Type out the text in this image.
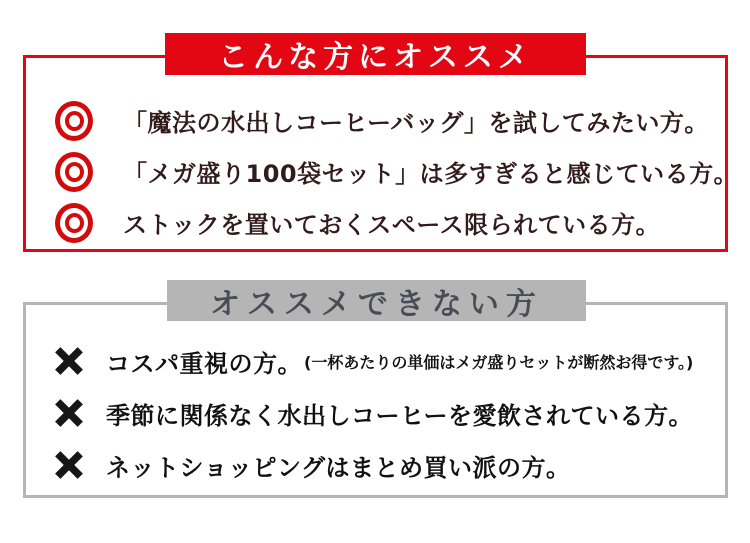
こんな方にオススメ
「魔法の水出しコーヒーバッグ」を試してみたい方。
「メガ盛り100袋セット」は多すぎると感じている方。
ストックを置いておくスペース限られている方。
オススメできない方
コスパ重視の方。 (一杯あたりの単価はメガ盛りセットが断然お得です。)
季節に関係なく水出しコーヒーを愛飲されている方。
ネットショッピングはまとめ買い派の方。
